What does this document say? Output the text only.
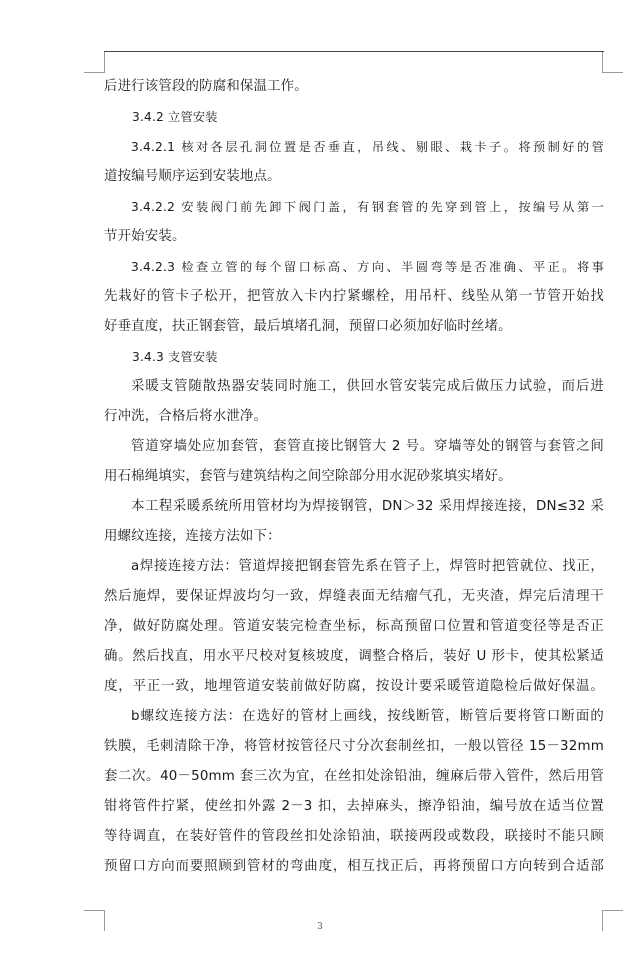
后进行该管段的防腐和保温工作。
3.4.2 立管安装
3.4.2.1 核对各层孔洞位置是否垂直，吊线、剔眼、栽卡子。将预制好的管
道按编号顺序运到安装地点。
3.4.2.2 安装阀门前先卸下阀门盖，有钢套管的先穿到管上，按编号从第一
节开始安装。
3.4.2.3 检查立管的每个留口标高、方向、半圆弯等是否准确、平正。将事
先栽好的管卡子松开，把管放入卡内拧紧螺栓，用吊杆、线坠从第一节管开始找
好垂直度，扶正钢套管，最后填堵孔洞，预留口必须加好临时丝堵。
3.4.3 支管安装
采暖支管随散热器安装同时施工，供回水管安装完成后做压力试验，而后进
行冲洗，合格后将水泄净。
管道穿墙处应加套管，套管直接比钢管大 2 号。穿墙等处的钢管与套管之间
用石棉绳填实，套管与建筑结构之间空除部分用水泥砂浆填实堵好。
本工程采暖系统所用管材均为焊接钢管，DN＞32 采用焊接连接，DN≤32 采
用螺纹连接，连接方法如下：
a焊接连接方法：管道焊接把钢套管先系在管子上，焊管时把管就位、找正，
然后施焊，要保证焊波均匀一致，焊缝表面无结瘤气孔，无夹渣，焊完后清理干
净，做好防腐处理。管道安装完检查坐标，标高预留口位置和管道变径等是否正
确。然后找直，用水平尺校对复核坡度，调整合格后，装好 U 形卡，使其松紧适
度，平正一致，地埋管道安装前做好防腐，按设计要采暖管道隐检后做好保温。
b螺纹连接方法：在选好的管材上画线，按线断管，断管后要将管口断面的
铁膜，毛刺清除干净，将管材按管径尺寸分次套制丝扣，一般以管径 15－32mm
套二次。40－50mm 套三次为宜，在丝扣处涂铅油，缠麻后带入管件，然后用管
钳将管件拧紧，使丝扣外露 2－3 扣，去掉麻头，擦净铅油，编号放在适当位置
等待调直，在装好管件的管段丝扣处涂铅油，联接两段或数段，联接时不能只顾
预留口方向而要照顾到管材的弯曲度，相互找正后，再将预留口方向转到合适部
3
